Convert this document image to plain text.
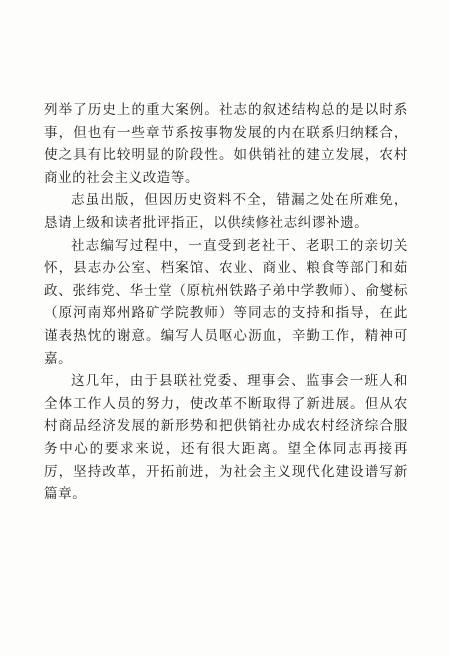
列举了历史上的重大案例。社志的叙述结构总的是以时系事，但也有一些章节系按事物发展的内在联系归纳糅合，使之具有比较明显的阶段性。如供销社的建立发展，农村商业的社会主义改造等。

志虽出版，但因历史资料不全，错漏之处在所难免，恳请上级和读者批评指正，以供续修社志纠谬补遗。

社志编写过程中，一直受到老社干、老职工的亲切关怀，县志办公室、档案馆、农业、商业、粮食等部门和茹政、张纬党、华士堂（原杭州铁路子弟中学教师）、俞燮标（原河南郑州路矿学院教师）等同志的支持和指导，在此谨表热忱的谢意。编写人员呕心沥血，辛勤工作，精神可嘉。

这几年，由于县联社党委、理事会、监事会一班人和全体工作人员的努力，使改革不断取得了新进展。但从农村商品经济发展的新形势和把供销社办成农村经济综合服务中心的要求来说，还有很大距离。望全体同志再接再厉，坚持改革，开拓前进，为社会主义现代化建设谱写新篇章。
